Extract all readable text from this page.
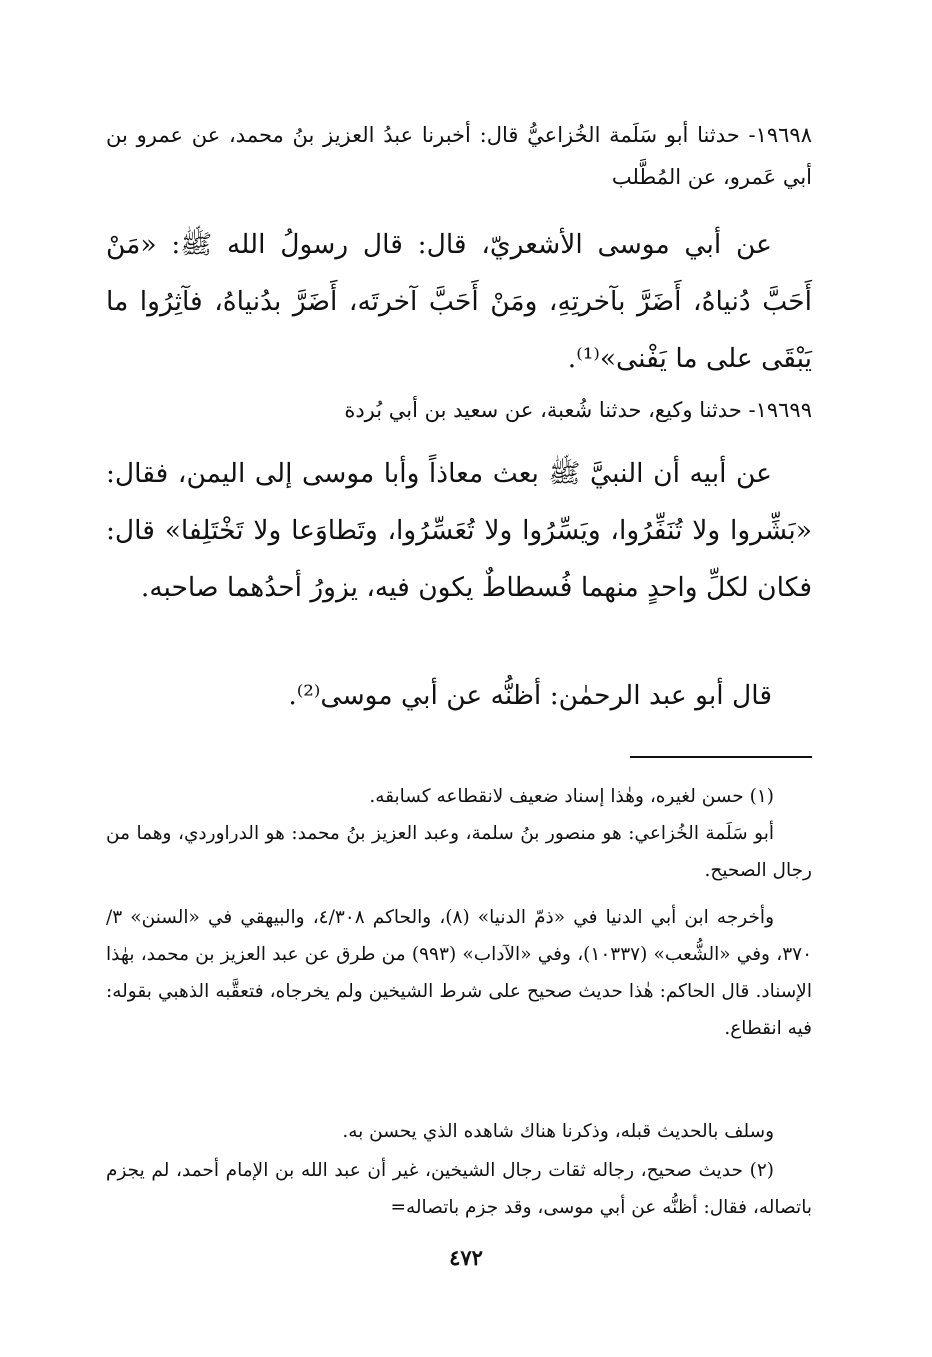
١٩٦٩٨- حدثنا أبو سَلَمة الخُزاعيُّ قال: أخبرنا عبدُ العزيز بنُ محمد، عن عمرو بن أبي عَمرو، عن المُطَّلب
عن أبي موسى الأشعريّ، قال: قال رسولُ الله ﷺ: «مَنْ أَحَبَّ دُنياهُ، أَضَرَّ بآخرتِهِ، ومَنْ أَحَبَّ آخرتَه، أَضَرَّ بدُنياهُ، فآثِرُوا ما يَبْقَى على ما يَفْنى»⁽¹⁾.
١٩٦٩٩- حدثنا وكيع، حدثنا شُعبة، عن سعيد بن أبي بُردة
عن أبيه أن النبيَّ ﷺ بعث معاذاً وأبا موسى إلى اليمن، فقال: «بَشِّروا ولا تُنَفِّرُوا، ويَسِّرُوا ولا تُعَسِّرُوا، وتَطاوَعا ولا تَخْتَلِفا» قال: فكان لكلِّ واحدٍ منهما فُسطاطٌ يكون فيه، يزورُ أحدُهما صاحبه.
قال أبو عبد الرحمٰن: أظنُّه عن أبي موسى⁽²⁾.
(١) حسن لغيره، وهٰذا إسناد ضعيف لانقطاعه كسابقه.
أبو سَلَمة الخُزاعي: هو منصور بنُ سلمة، وعبد العزيز بنُ محمد: هو الدراوردي، وهما من رجال الصحيح.
وأخرجه ابن أبي الدنيا في «ذمّ الدنيا» (٨)، والحاكم ٤/٣٠٨، والبيهقي في «السنن» ٣/ ٣٧٠، وفي «الشُّعب» (١٠٣٣٧)، وفي «الآداب» (٩٩٣) من طرق عن عبد العزيز بن محمد، بهٰذا الإسناد. قال الحاكم: هٰذا حديث صحيح على شرط الشيخين ولم يخرجاه، فتعقَّبه الذهبي بقوله: فيه انقطاع.
وسلف بالحديث قبله، وذكرنا هناك شاهده الذي يحسن به.
(٢) حديث صحيح، رجاله ثقات رجال الشيخين، غير أن عبد الله بن الإمام أحمد، لم يجزم باتصاله، فقال: أظنُّه عن أبي موسى، وقد جزم باتصاله=
٤٧٢
